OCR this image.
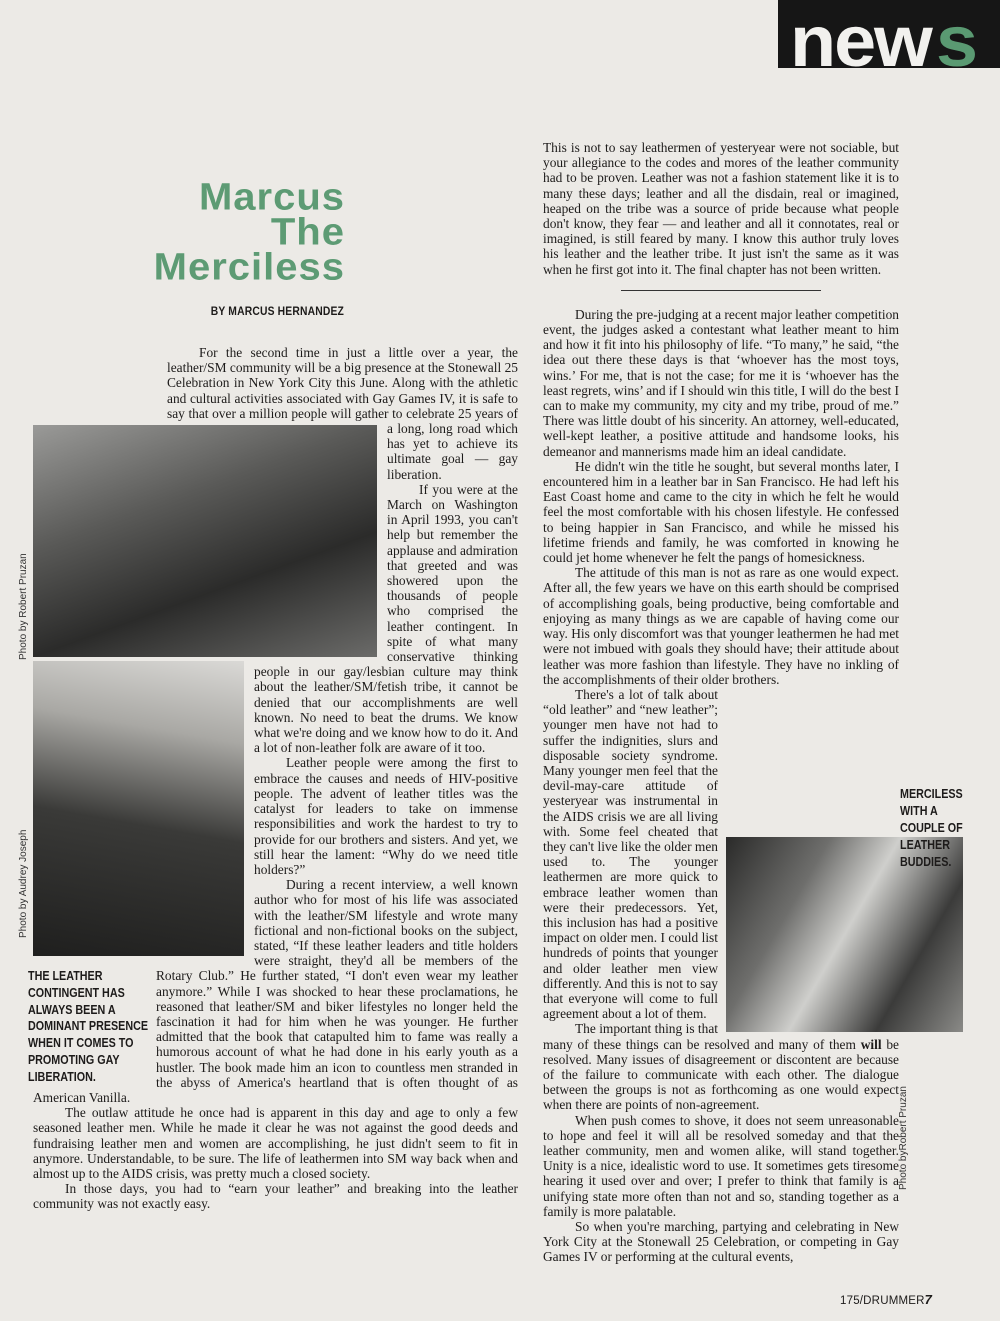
new s
Marcus
The
Merciless
BY MARCUS HERNANDEZ

For the second time in just a little over a year, the leather/SM community will be a big presence at the Stonewall 25 Celebration in New York City this June. Along with the athletic and cultural activities associated with Gay Games IV, it is safe to say that over a million people will gather to celebrate 25 years of a long, long road which has yet to achieve its ultimate goal — gay liberation.

THE LEATHER
CONTINGENT HAS
ALWAYS BEEN A
DOMINANT PRESENCE
WHEN IT COMES TO
PROMOTING GAY
LIBERATION.

If you were at the March on Washington in April 1993, you can't help but remember the applause and admiration that greeted and was showered upon the thousands of people who comprised the leather contingent. In spite of what many conservative thinking people in our gay/lesbian culture may think about the leather/SM/fetish tribe, it cannot be denied that our accomplishments are well known. No need to beat the drums. We know what we're doing and we know how to do it. And a lot of non-leather folk are aware of it too.

Leather people were among the first to embrace the causes and needs of HIV-positive people. The advent of leather titles was the catalyst for leaders to take on immense responsibilities and work the hardest to try to provide for our brothers and sisters. And yet, we still hear the lament: “Why do we need title holders?”

During a recent interview, a well known author who for most of his life was associated with the leather/SM lifestyle and wrote many fictional and non-fictional books on the subject, stated, “If these leather leaders and title holders were straight, they'd all be members of the Rotary Club.” He further stated, “I don't even wear my leather anymore.” While I was shocked to hear these proclamations, he reasoned that leather/SM and biker lifestyles no longer held the fascination it had for him when he was younger. He further admitted that the book that catapulted him to fame was really a humorous account of what he had done in his early youth as a hustler. The book made him an icon to countless men stranded in the abyss of America's heartland that is often thought of as American Vanilla.

The outlaw attitude he once had is apparent in this day and age to only a few seasoned leather men. While he made it clear he was not against the good deeds and fundraising leather men and women are accomplishing, he just didn't seem to fit in anymore. Understandable, to be sure. The life of leathermen into SM way back when and almost up to the AIDS crisis, was pretty much a closed society.

In those days, you had to “earn your leather” and breaking into the leather community was not exactly easy.

This is not to say leathermen of yesteryear were not sociable, but your allegiance to the codes and mores of the leather community had to be proven. Leather was not a fashion statement like it is to many these days; leather and all the disdain, real or imagined, heaped on the tribe was a source of pride because what people don't know, they fear — and leather and all it connotates, real or imagined, is still feared by many. I know this author truly loves his leather and the leather tribe. It just isn't the same as it was when he first got into it. The final chapter has not been written.

During the pre-judging at a recent major leather competition event, the judges asked a contestant what leather meant to him and how it fit into his philosophy of life. “To many,” he said, “the idea out there these days is that ‘whoever has the most toys, wins.’ For me, that is not the case; for me it is ‘whoever has the least regrets, wins’ and if I should win this title, I will do the best I can to make my community, my city and my tribe, proud of me.” There was little doubt of his sincerity. An attorney, well-educated, well-kept leather, a positive attitude and handsome looks, his demeanor and mannerisms made him an ideal candidate.

He didn't win the title he sought, but several months later, I encountered him in a leather bar in San Francisco. He had left his East Coast home and came to the city in which he felt he would feel the most comfortable with his chosen lifestyle. He confessed to being happier in San Francisco, and while he missed his lifetime friends and family, he was comforted in knowing he could jet home whenever he felt the pangs of homesickness.

The attitude of this man is not as rare as one would expect. After all, the few years we have on this earth should be comprised of accomplishing goals, being productive, being comfortable and enjoying as many things as we are capable of having come our way. His only discomfort was that younger leathermen he had met were not imbued with goals they should have; their attitude about leather was more fashion than lifestyle. They have no inkling of the accomplishments of their older brothers.

There's a lot of talk about “old leather” and “new leather”; younger men have not had to suffer the indignities, slurs and disposable society syndrome. Many younger men feel that the devil-may-care attitude of yesteryear was instrumental in the AIDS crisis we are all living with. Some feel cheated that they can't live like the older men used to. The younger leathermen are more quick to embrace leather women than were their predecessors. Yet, this inclusion has had a positive impact on older men. I could list hundreds of points that younger and older leather men view differently. And this is not to say that everyone will come to full agreement about a lot of them.

The important thing is that many of these things can be resolved and many of them will be resolved. Many issues of disagreement or discontent are because of the failure to communicate with each other. The dialogue between the groups is not as forthcoming as one would expect when there are points of non-agreement.

When push comes to shove, it does not seem unreasonable to hope and feel it will all be resolved someday and that the leather community, men and women alike, will stand together. Unity is a nice, idealistic word to use. It sometimes gets tiresome hearing it used over and over; I prefer to think that family is a unifying state more often than not and so, standing together as a family is more palatable.

So when you're marching, partying and celebrating in New York City at the Stonewall 25 Celebration, or competing in Gay Games IV or performing at the cultural events,

MERCILESS
WITH A
COUPLE OF
LEATHER
BUDDIES.
Photo by Robert Pruzan
Photo by Audrey Joseph
Photo byRobert Pruzan
175/DRUMMER7
